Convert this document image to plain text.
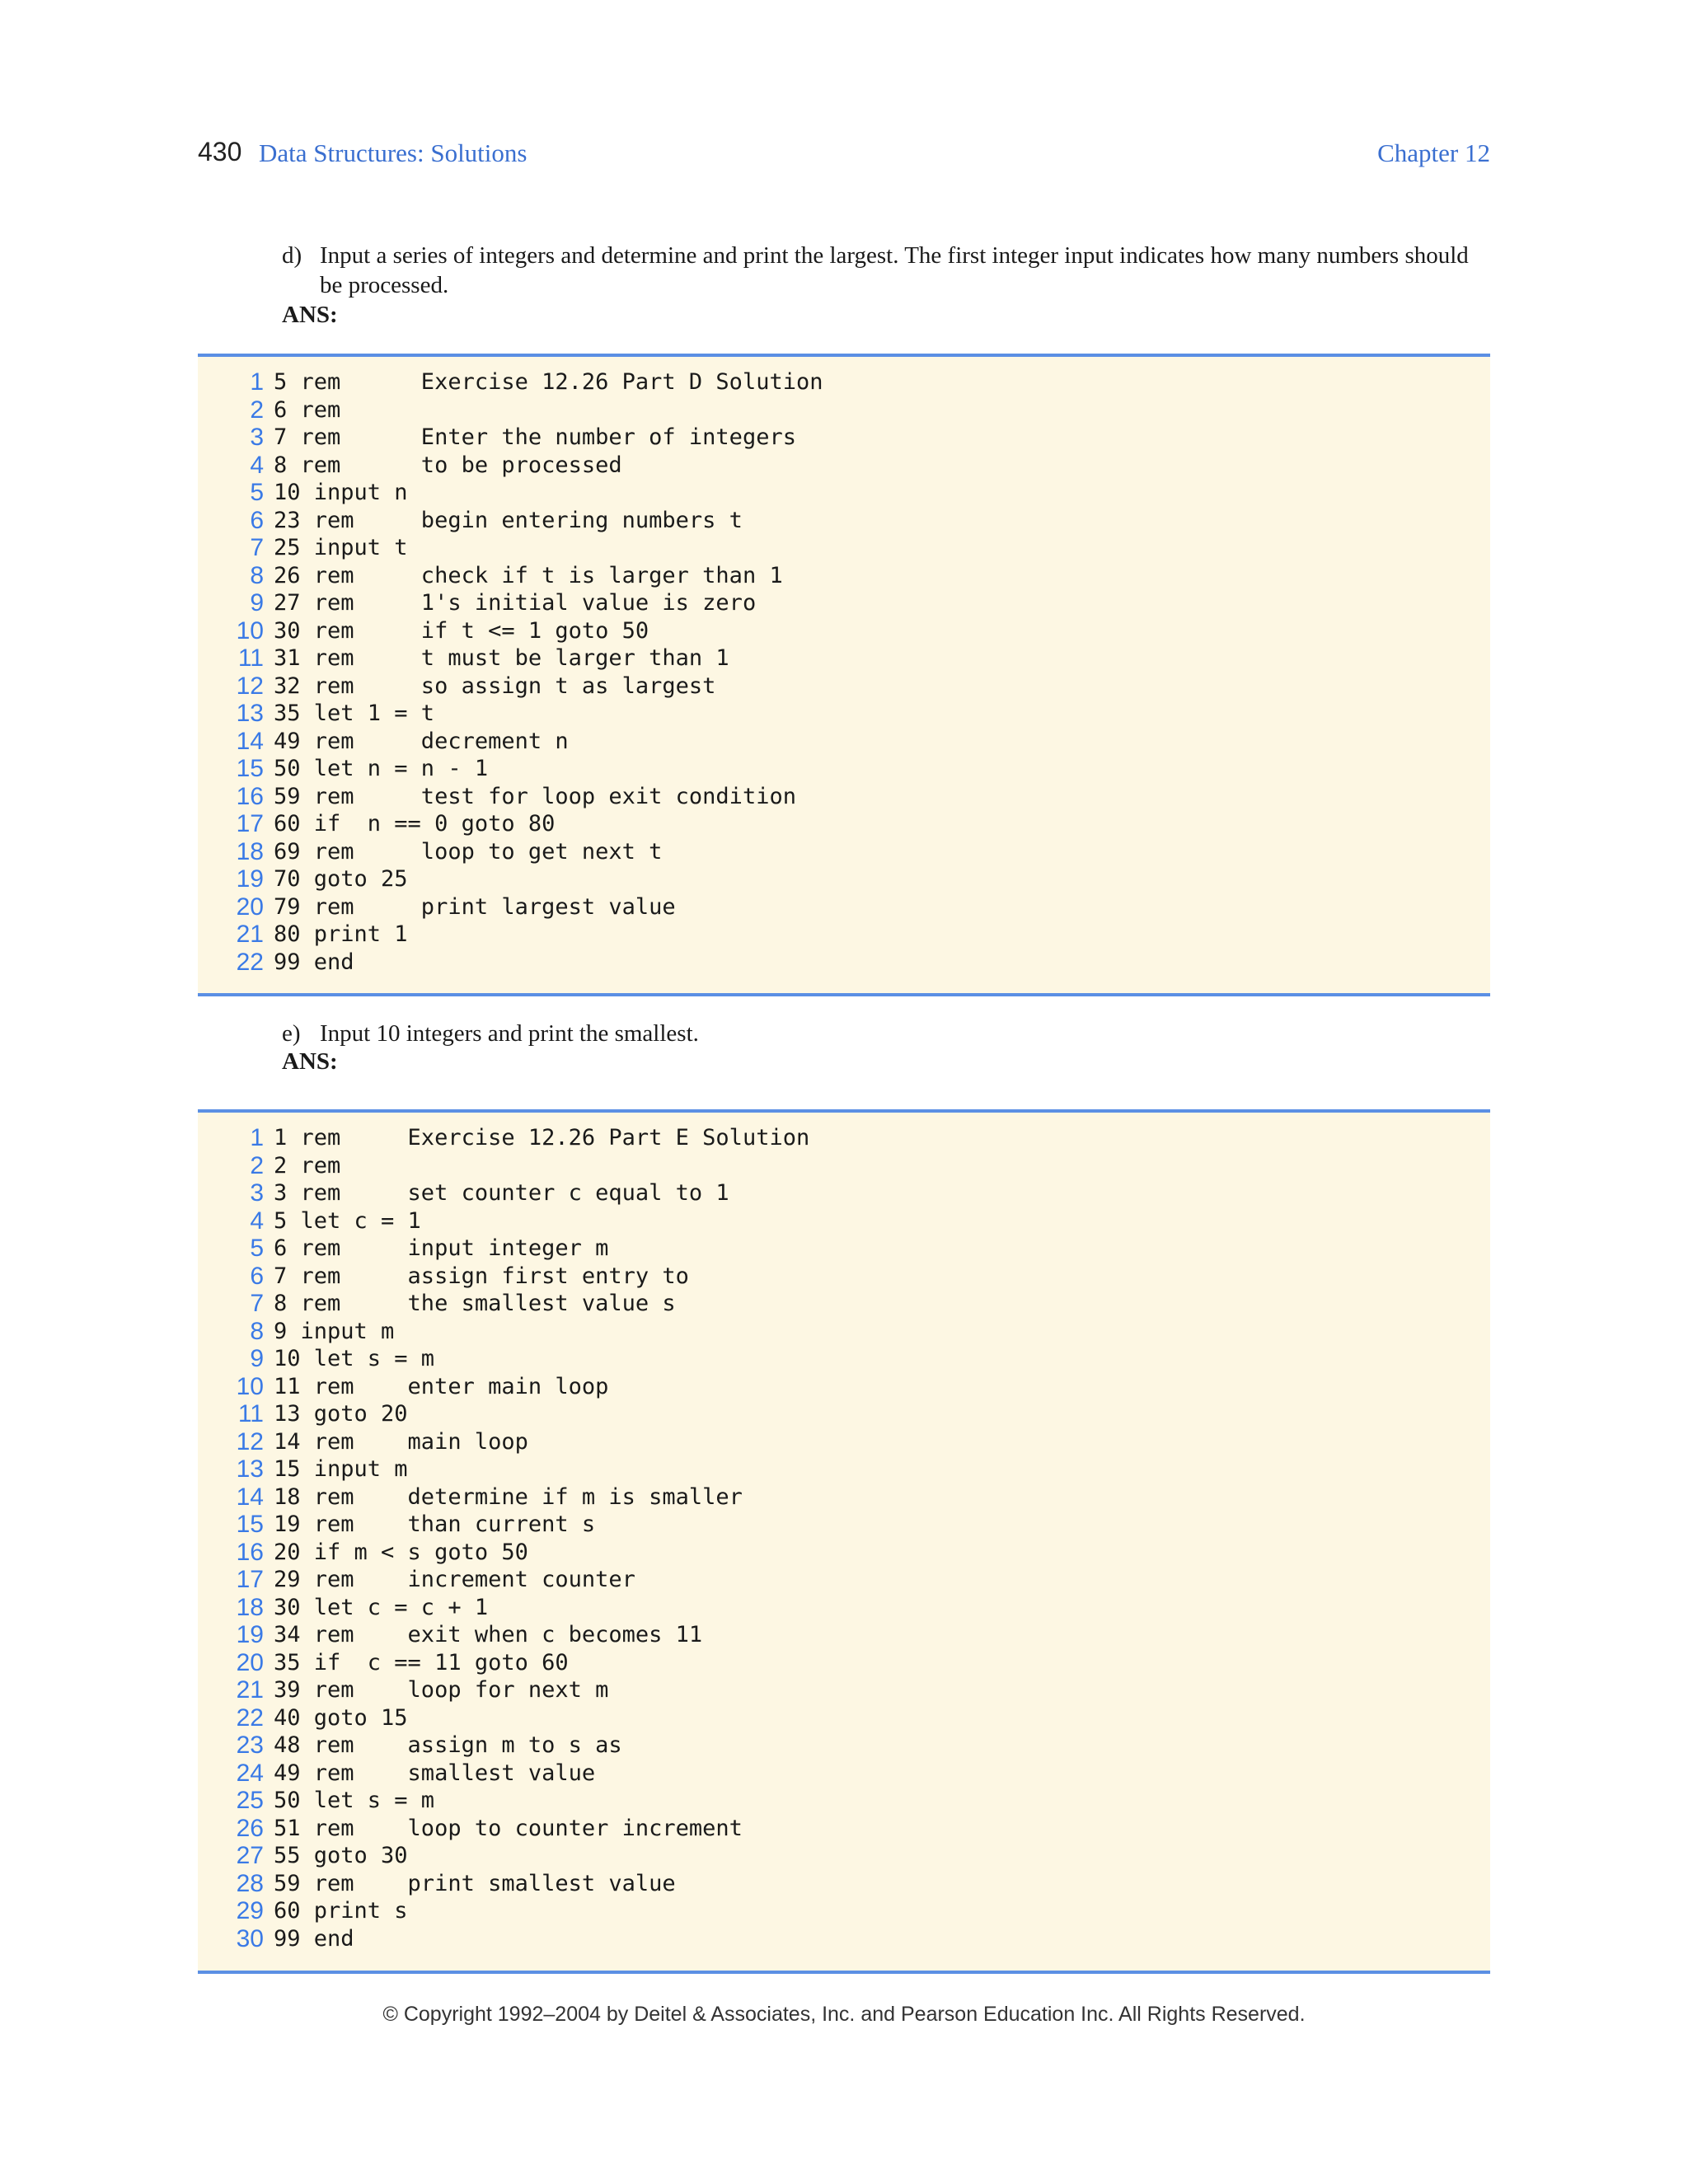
430 Data Structures: Solutions	Chapter 12
d) Input a series of integers and determine and print the largest. The first integer input indicates how many numbers should be processed.
ANS:
1 5 rem      Exercise 12.26 Part D Solution
2 6 rem
3 7 rem      Enter the number of integers
4 8 rem      to be processed
5 10 input n
6 23 rem     begin entering numbers t
7 25 input t
8 26 rem     check if t is larger than 1
9 27 rem     1's initial value is zero
10 30 rem     if t <= 1 goto 50
11 31 rem     t must be larger than 1
12 32 rem     so assign t as largest
13 35 let 1 = t
14 49 rem     decrement n
15 50 let n = n - 1
16 59 rem     test for loop exit condition
17 60 if  n == 0 goto 80
18 69 rem     loop to get next t
19 70 goto 25
20 79 rem     print largest value
21 80 print 1
22 99 end
e) Input 10 integers and print the smallest.
ANS:
1 1 rem     Exercise 12.26 Part E Solution
2 2 rem
3 3 rem     set counter c equal to 1
4 5 let c = 1
5 6 rem     input integer m
6 7 rem     assign first entry to
7 8 rem     the smallest value s
8 9 input m
9 10 let s = m
10 11 rem    enter main loop
11 13 goto 20
12 14 rem    main loop
13 15 input m
14 18 rem    determine if m is smaller
15 19 rem    than current s
16 20 if m < s goto 50
17 29 rem    increment counter
18 30 let c = c + 1
19 34 rem    exit when c becomes 11
20 35 if  c == 11 goto 60
21 39 rem    loop for next m
22 40 goto 15
23 48 rem    assign m to s as
24 49 rem    smallest value
25 50 let s = m
26 51 rem    loop to counter increment
27 55 goto 30
28 59 rem    print smallest value
29 60 print s
30 99 end
© Copyright 1992–2004 by Deitel & Associates, Inc. and Pearson Education Inc. All Rights Reserved.
